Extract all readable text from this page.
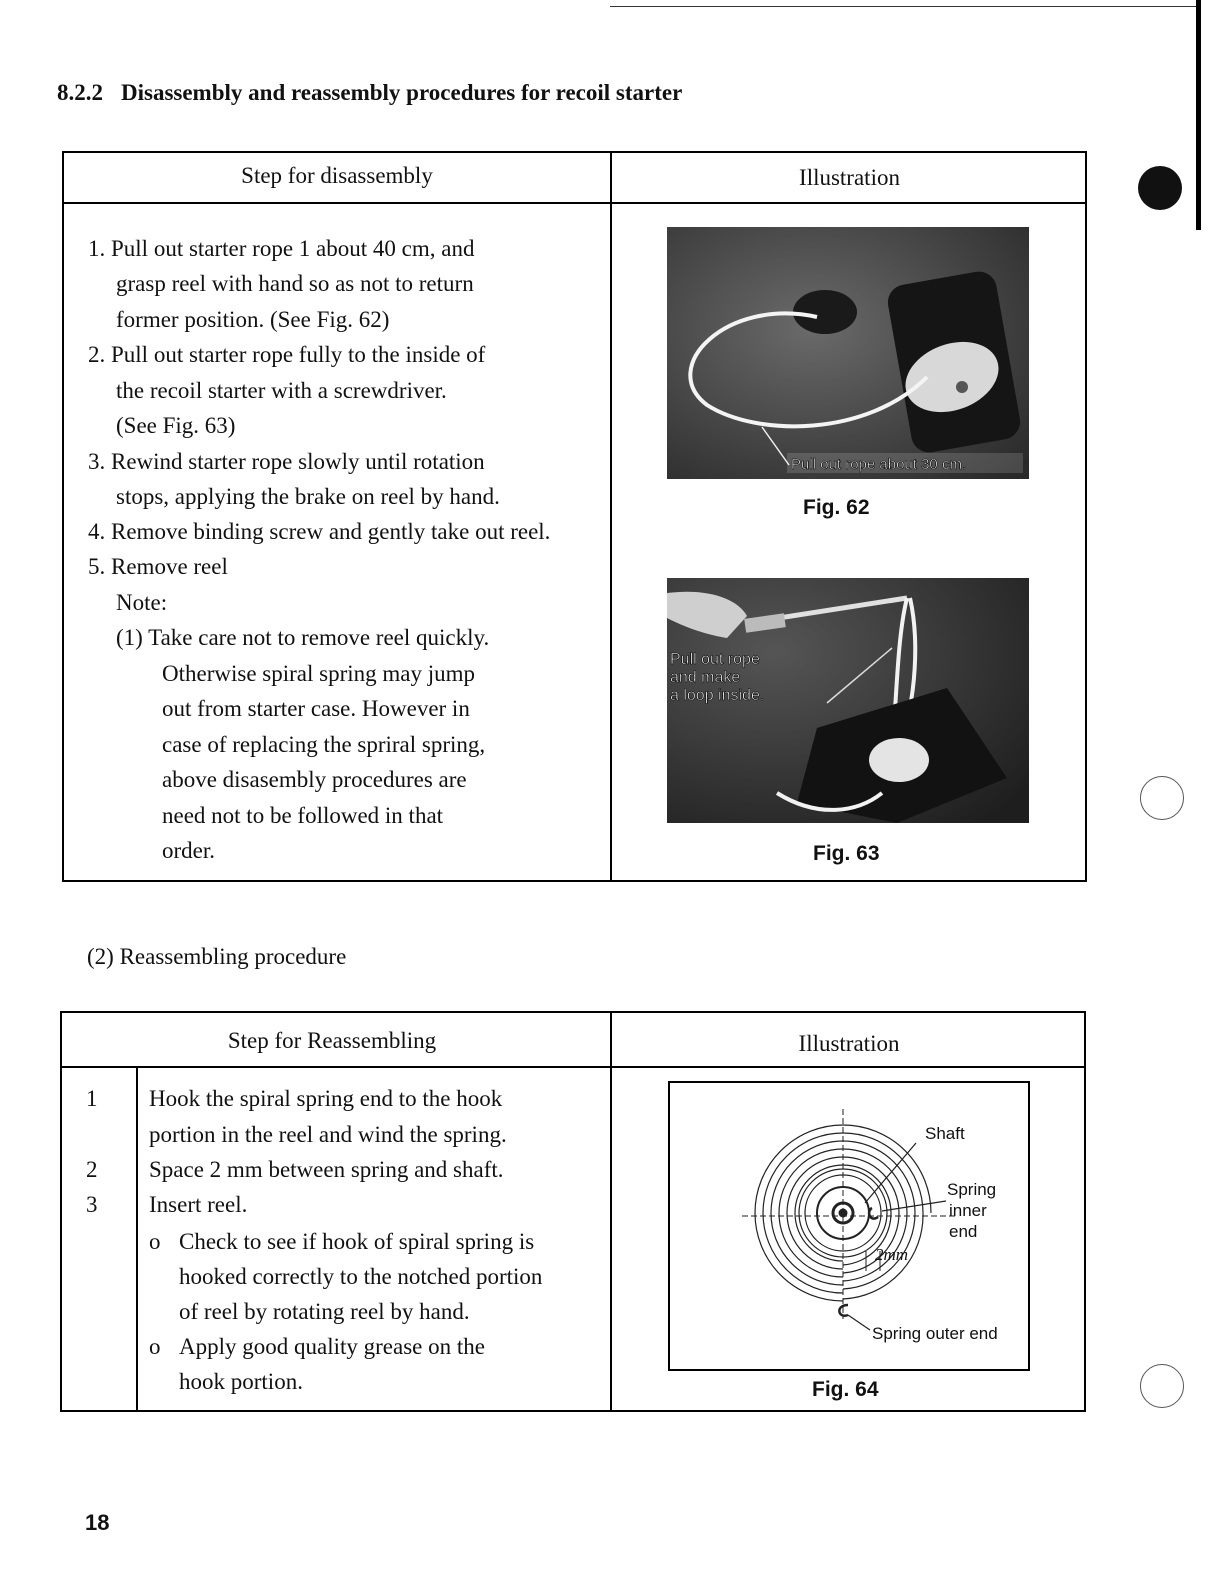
8.2.2 Disassembly and reassembly procedures for recoil starter
Step for disassembly	Illustration
1. Pull out starter rope 1 about 40 cm, and
grasp reel with hand so as not to return
former position. (See Fig. 62)
2. Pull out starter rope fully to the inside of
the recoil starter with a screwdriver.
(See Fig. 63)
3. Rewind starter rope slowly until rotation
stops, applying the brake on reel by hand.
4. Remove binding screw and gently take out reel.
5. Remove reel
Note:
(1) Take care not to remove reel quickly.
Otherwise spiral spring may jump
out from starter case. However in
case of replacing the spriral spring,
above disasembly procedures are
need not to be followed in that
order.
Pull out rope about 30 cm.
Fig. 62
Pull out rope
and make
a loop inside.
Fig. 63
(2) Reassembling procedure
Step for Reassembling	Illustration
1
2
3
Hook the spiral spring end to the hook
portion in the reel and wind the spring.
Space 2 mm between spring and shaft.
Insert reel.
o Check to see if hook of spiral spring is
hooked correctly to the notched portion
of reel by rotating reel by hand.
o Apply good quality grease on the
hook portion.
Shaft
Spring
inner
end
2mm
Spring outer end
Fig. 64
18
